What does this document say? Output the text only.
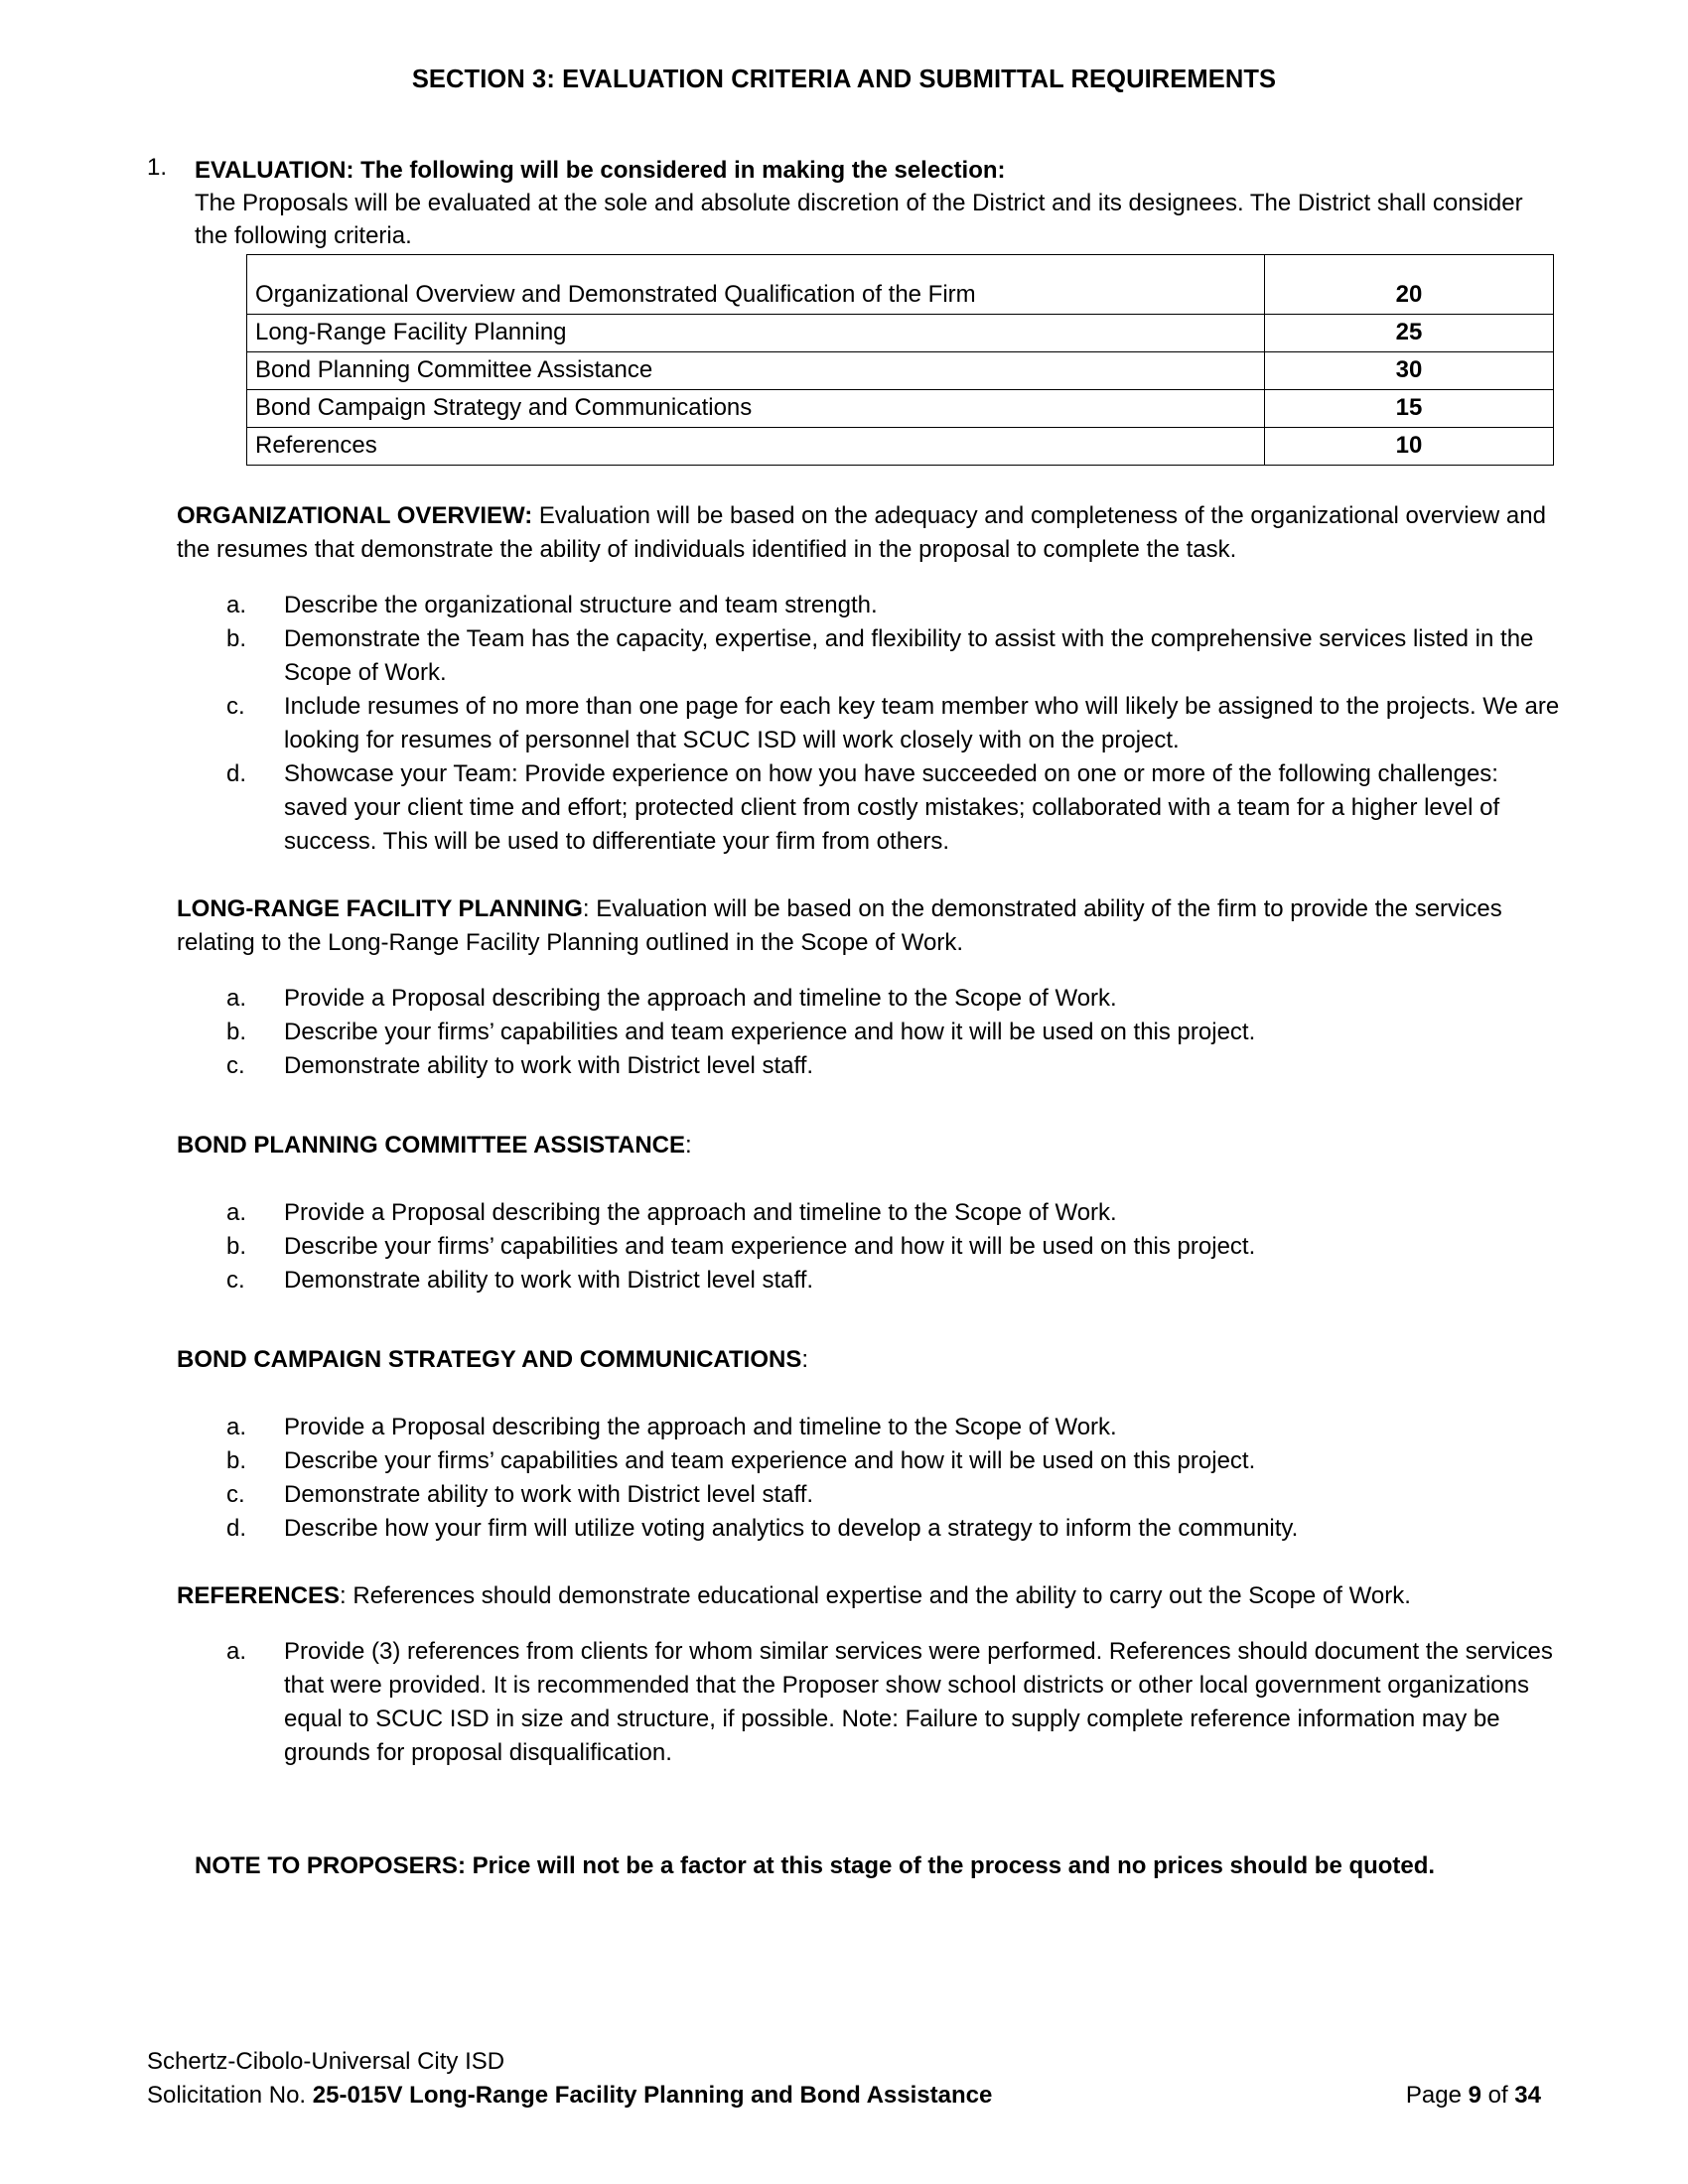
SECTION 3: EVALUATION CRITERIA AND SUBMITTAL REQUIREMENTS
1. EVALUATION: The following will be considered in making the selection:
The Proposals will be evaluated at the sole and absolute discretion of the District and its designees. The District shall consider the following criteria.
Organizational Overview and Demonstrated Qualification of the Firm	20
Long-Range Facility Planning	25
Bond Planning Committee Assistance	30
Bond Campaign Strategy and Communications	15
References	10

ORGANIZATIONAL OVERVIEW: Evaluation will be based on the adequacy and completeness of the organizational overview and the resumes that demonstrate the ability of individuals identified in the proposal to complete the task.

a.	Describe the organizational structure and team strength.
b.	Demonstrate the Team has the capacity, expertise, and flexibility to assist with the comprehensive services listed in the Scope of Work.
c.	Include resumes of no more than one page for each key team member who will likely be assigned to the projects. We are looking for resumes of personnel that SCUC ISD will work closely with on the project.
d.	Showcase your Team: Provide experience on how you have succeeded on one or more of the following challenges: saved your client time and effort; protected client from costly mistakes; collaborated with a team for a higher level of success. This will be used to differentiate your firm from others.

LONG-RANGE FACILITY PLANNING: Evaluation will be based on the demonstrated ability of the firm to provide the services relating to the Long-Range Facility Planning outlined in the Scope of Work.

a.	Provide a Proposal describing the approach and timeline to the Scope of Work.
b.	Describe your firms’ capabilities and team experience and how it will be used on this project.
c.	Demonstrate ability to work with District level staff.

BOND PLANNING COMMITTEE ASSISTANCE:

a.	Provide a Proposal describing the approach and timeline to the Scope of Work.
b.	Describe your firms’ capabilities and team experience and how it will be used on this project.
c.	Demonstrate ability to work with District level staff.

BOND CAMPAIGN STRATEGY AND COMMUNICATIONS:

a.	Provide a Proposal describing the approach and timeline to the Scope of Work.
b.	Describe your firms’ capabilities and team experience and how it will be used on this project.
c.	Demonstrate ability to work with District level staff.
d.	Describe how your firm will utilize voting analytics to develop a strategy to inform the community.

REFERENCES: References should demonstrate educational expertise and the ability to carry out the Scope of Work.

a.	Provide (3) references from clients for whom similar services were performed. References should document the services that were provided. It is recommended that the Proposer show school districts or other local government organizations equal to SCUC ISD in size and structure, if possible. Note: Failure to supply complete reference information may be grounds for proposal disqualification.

NOTE TO PROPOSERS: Price will not be a factor at this stage of the process and no prices should be quoted.

Schertz-Cibolo-Universal City ISD
Solicitation No. 25-015V Long-Range Facility Planning and Bond Assistance	Page 9 of 34
